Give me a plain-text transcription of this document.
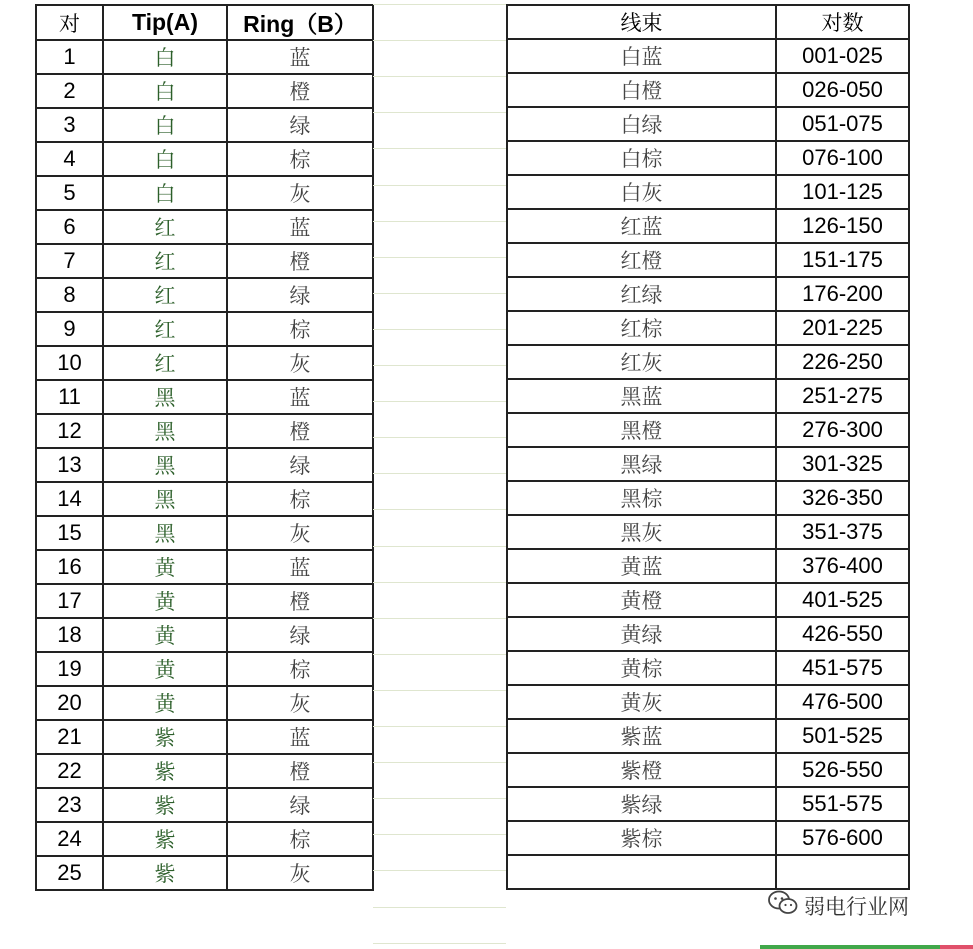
对	Tip(A)	Ring（B）
1	白	蓝
2	白	橙
3	白	绿
4	白	棕
5	白	灰
6	红	蓝
7	红	橙
8	红	绿
9	红	棕
10	红	灰
11	黑	蓝
12	黑	橙
13	黑	绿
14	黑	棕
15	黑	灰
16	黄	蓝
17	黄	橙
18	黄	绿
19	黄	棕
20	黄	灰
21	紫	蓝
22	紫	橙
23	紫	绿
24	紫	棕
25	紫	灰
线束	对数
白蓝	001-025
白橙	026-050
白绿	051-075
白棕	076-100
白灰	101-125
红蓝	126-150
红橙	151-175
红绿	176-200
红棕	201-225
红灰	226-250
黑蓝	251-275
黑橙	276-300
黑绿	301-325
黑棕	326-350
黑灰	351-375
黄蓝	376-400
黄橙	401-525
黄绿	426-550
黄棕	451-575
黄灰	476-500
紫蓝	501-525
紫橙	526-550
紫绿	551-575
紫棕	576-600

弱电行业网
